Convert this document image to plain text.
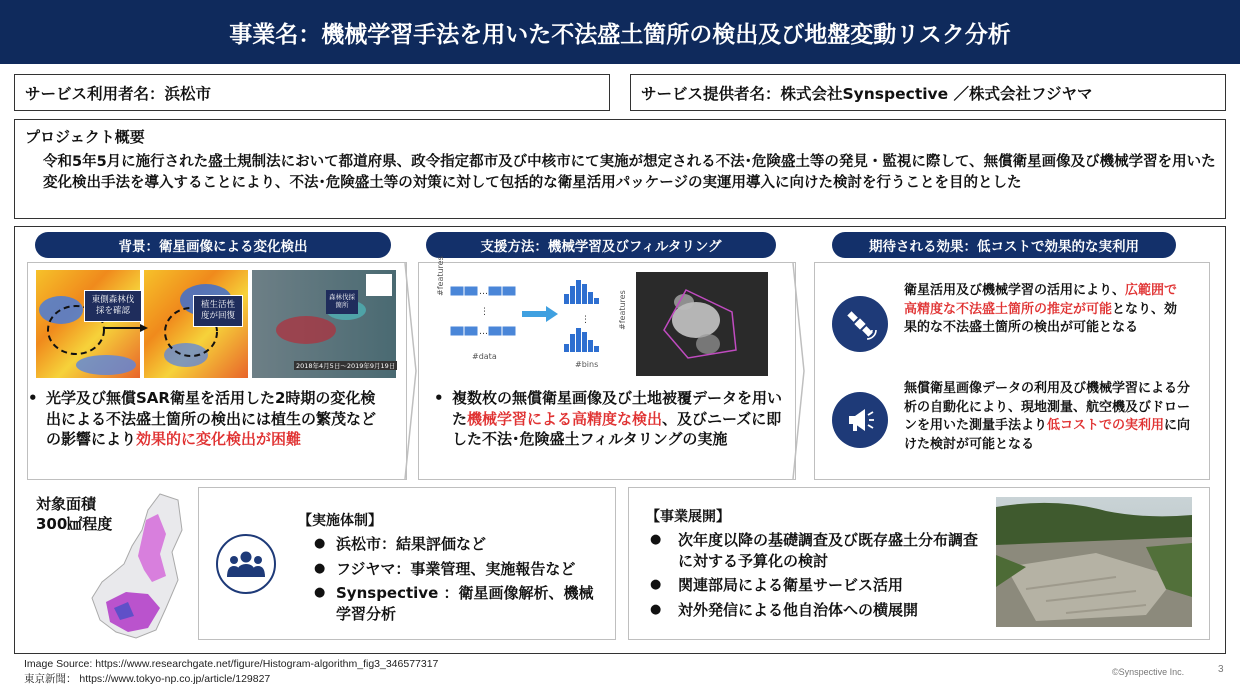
事業名：機械学習手法を用いた不法盛土箇所の検出及び地盤変動リスク分析
サービス利用者名：浜松市	サービス提供者名：株式会社Synspective ／株式会社フジヤマ
プロジェクト概要
令和5年5月に施行された盛土規制法において都道府県、政令指定都市及び中核市にて実施が想定される不法･危険盛土等の発見・監視に際して、無償衛星画像及び機械学習を用いた変化検出手法を導入することにより、不法･危険盛土等の対策に対して包括的な衛星活用パッケージの実運用導入に向けた検討を行うことを目的とした
背景：衛星画像による変化検出
東側森林伐採を確認
植生活性度が回復
森林伐採箇所
2018年4月5日～2019年9月19日
• 光学及び無償SAR衛星を活用した2時期の変化検出による不法盛土箇所の検出には植生の繁茂などの影響により効果的に変化検出が困難
支援方法：機械学習及びフィルタリング
…
…
⋮
⋮
#features
#data
#bins
#features
• 複数枚の無償衛星画像及び土地被覆データを用いた機械学習による高精度な検出、及びニーズに即した不法･危険盛土フィルタリングの実施
期待される効果：低コストで効果的な実利用
衛星活用及び機械学習の活用により、広範囲で高精度な不法盛土箇所の推定が可能となり、効果的な不法盛土箇所の検出が可能となる
無償衛星画像データの利用及び機械学習による分析の自動化により、現地測量、航空機及びドローンを用いた測量手法より低コストでの実利用に向けた検討が可能となる
対象面積
300㎢程度	【実施体制】
● 浜松市：結果評価など
● フジヤマ：事業管理、実施報告など
● Synspective ：衛星画像解析、機械学習分析
【事業展開】
● 次年度以降の基礎調査及び既存盛土分布調査に対する予算化の検討
● 関連部局による衛星サービス活用
● 対外発信による他自治体への横展開
Image Source: https://www.researchgate.net/figure/Histogram-algorithm_fig3_346577317
東京新聞： https://www.tokyo-np.co.jp/article/129827
©Synspective Inc.	3
